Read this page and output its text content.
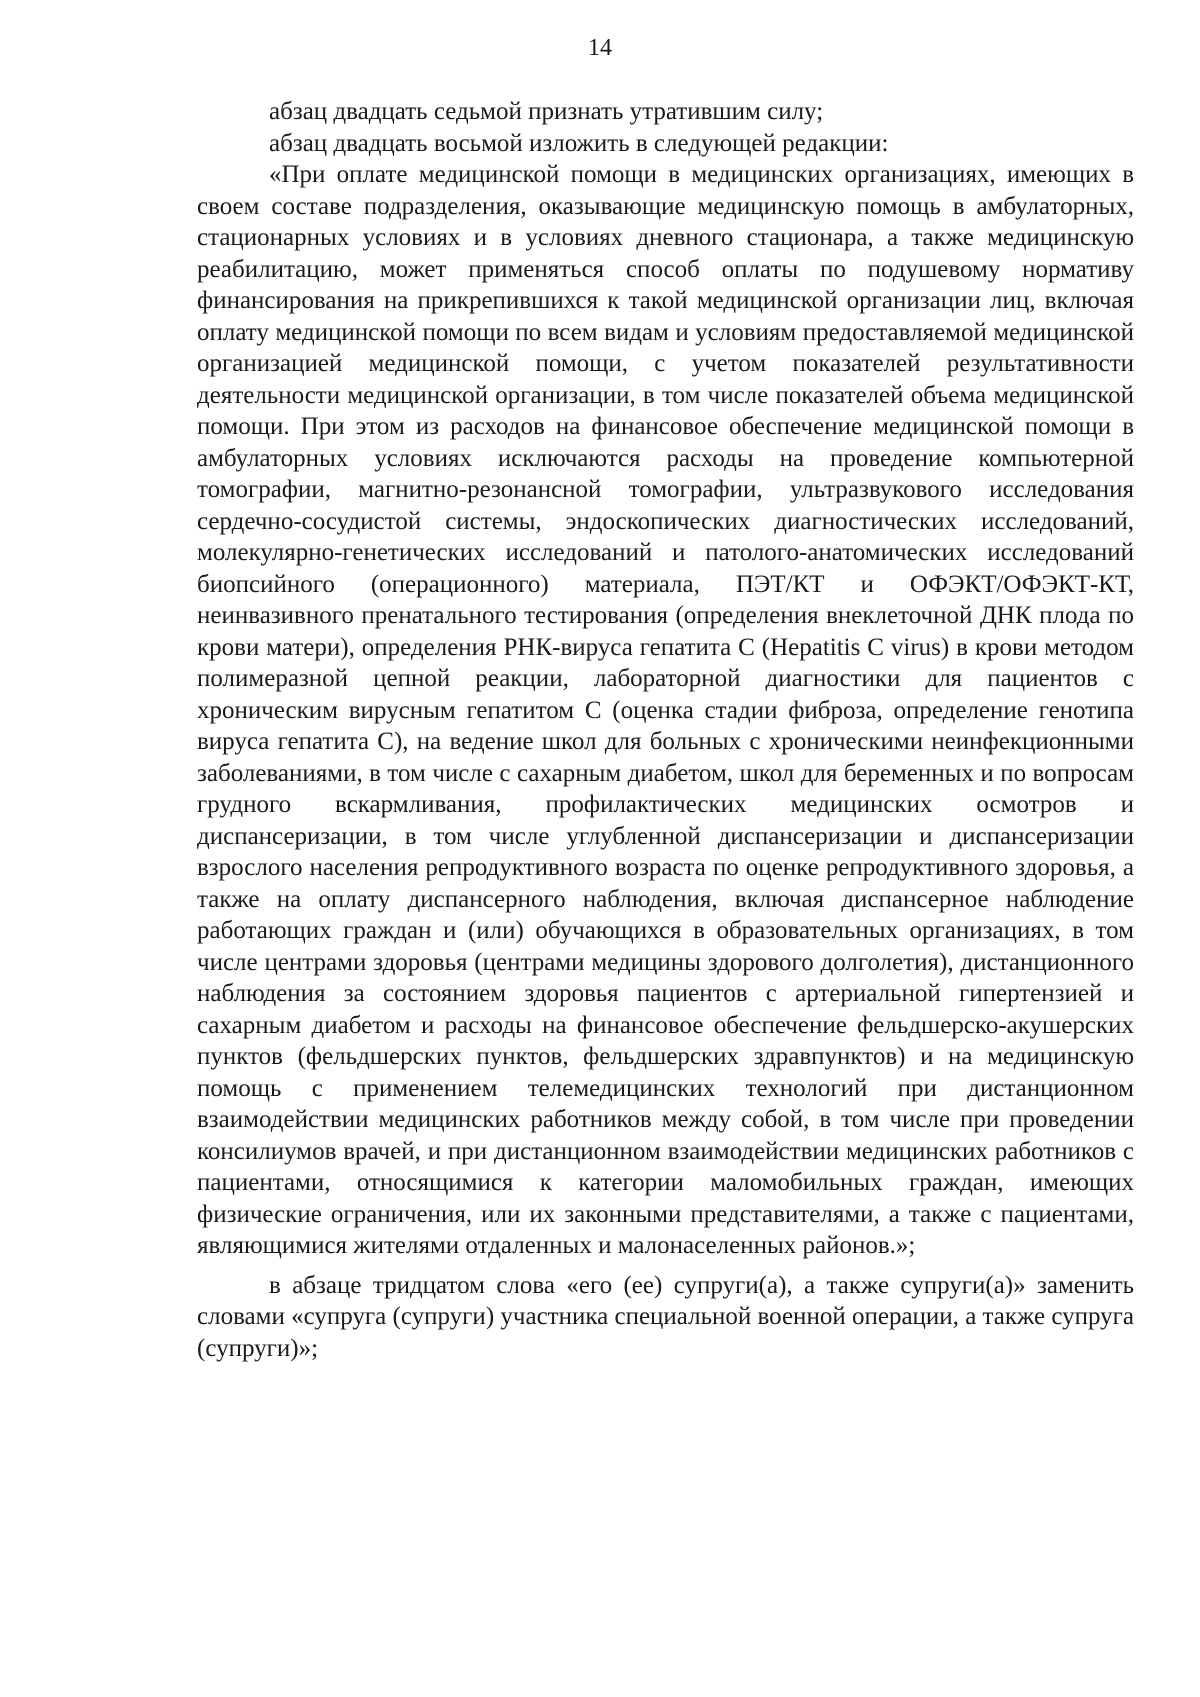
14

абзац двадцать седьмой признать утратившим силу;

абзац двадцать восьмой изложить в следующей редакции:

«При оплате медицинской помощи в медицинских организациях, имеющих в своем составе подразделения, оказывающие медицинскую помощь в амбулаторных, стационарных условиях и в условиях дневного стационара, а также медицинскую реабилитацию, может применяться способ оплаты по подушевому нормативу финансирования на прикрепившихся к такой медицинской организации лиц, включая оплату медицинской помощи по всем видам и условиям предоставляемой медицинской организацией медицинской помощи, с учетом показателей результативности деятельности медицинской организации, в том числе показателей объема медицинской помощи. При этом из расходов на финансовое обеспечение медицинской помощи в амбулаторных условиях исключаются расходы на проведение компьютерной томографии, магнитно-резонансной томографии, ультразвукового исследования сердечно-сосудистой системы, эндоскопических диагностических исследований, молекулярно-генетических исследований и патолого-анатомических исследований биопсийного (операционного) материала, ПЭТ/КТ и ОФЭКТ/ОФЭКТ-КТ, неинвазивного пренатального тестирования (определения внеклеточной ДНК плода по крови матери), определения РНК-вируса гепатита С (Hepatitis C virus) в крови методом полимеразной цепной реакции, лабораторной диагностики для пациентов с хроническим вирусным гепатитом С (оценка стадии фиброза, определение генотипа вируса гепатита С), на ведение школ для больных с хроническими неинфекционными заболеваниями, в том числе с сахарным диабетом, школ для беременных и по вопросам грудного вскармливания, профилактических медицинских осмотров и диспансеризации, в том числе углубленной диспансеризации и диспансеризации взрослого населения репродуктивного возраста по оценке репродуктивного здоровья, а также на оплату диспансерного наблюдения, включая диспансерное наблюдение работающих граждан и (или) обучающихся в образовательных организациях, в том числе центрами здоровья (центрами медицины здорового долголетия), дистанционного наблюдения за состоянием здоровья пациентов с артериальной гипертензией и сахарным диабетом и расходы на финансовое обеспечение фельдшерско-акушерских пунктов (фельдшерских пунктов, фельдшерских здравпунктов) и на медицинскую помощь с применением телемедицинских технологий при дистанционном взаимодействии медицинских работников между собой, в том числе при проведении консилиумов врачей, и при дистанционном взаимодействии медицинских работников с пациентами, относящимися к категории маломобильных граждан, имеющих физические ограничения, или их законными представителями, а также с пациентами, являющимися жителями отдаленных и малонаселенных районов.»;

в абзаце тридцатом слова «его (ее) супруги(а), а также супруги(а)» заменить словами «супруга (супруги) участника специальной военной операции, а также супруга (супруги)»;
